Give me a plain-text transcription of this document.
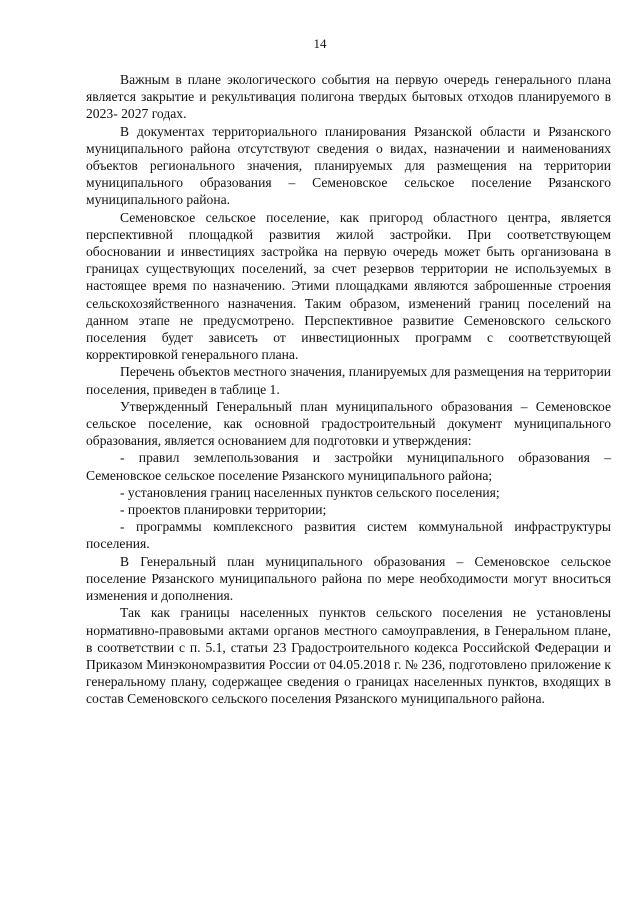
14

Важным в плане экологического события на первую очередь генерального плана является закрытие и рекультивация полигона твердых бытовых отходов планируемого в 2023- 2027 годах.

В документах территориального планирования Рязанской области и Рязанского муниципального района отсутствуют сведения о видах, назначении и наименованиях объектов регионального значения, планируемых для размещения на территории муниципального образования – Семеновское сельское поселение Рязанского муниципального района.

Семеновское сельское поселение, как пригород областного центра, является перспективной площадкой развития жилой застройки. При соответствующем обосновании и инвестициях застройка на первую очередь может быть организована в границах существующих поселений, за счет резервов территории не используемых в настоящее время по назначению. Этими площадками являются заброшенные строения сельскохозяйственного назначения. Таким образом, изменений границ поселений на данном этапе не предусмотрено. Перспективное развитие Семеновского сельского поселения будет зависеть от инвестиционных программ с соответствующей корректировкой генерального плана.

Перечень объектов местного значения, планируемых для размещения на территории поселения, приведен в таблице 1.

Утвержденный Генеральный план муниципального образования – Семеновское сельское поселение, как основной градостроительный документ муниципального образования, является основанием для подготовки и утверждения:

- правил землепользования и застройки муниципального образования – Семеновское сельское поселение Рязанского муниципального района;

- установления границ населенных пунктов сельского поселения;

- проектов планировки территории;

- программы комплексного развития систем коммунальной инфраструктуры поселения.

В Генеральный план муниципального образования – Семеновское сельское поселение Рязанского муниципального района по мере необходимости могут вноситься изменения и дополнения.

Так как границы населенных пунктов сельского поселения не установлены нормативно-правовыми актами органов местного самоуправления, в Генеральном плане, в соответствии с п. 5.1, статьи 23 Градостроительного кодекса Российской Федерации и Приказом Минэкономразвития России от 04.05.2018 г. № 236, подготовлено приложение к генеральному плану, содержащее сведения о границах населенных пунктов, входящих в состав Семеновского сельского поселения Рязанского муниципального района.
